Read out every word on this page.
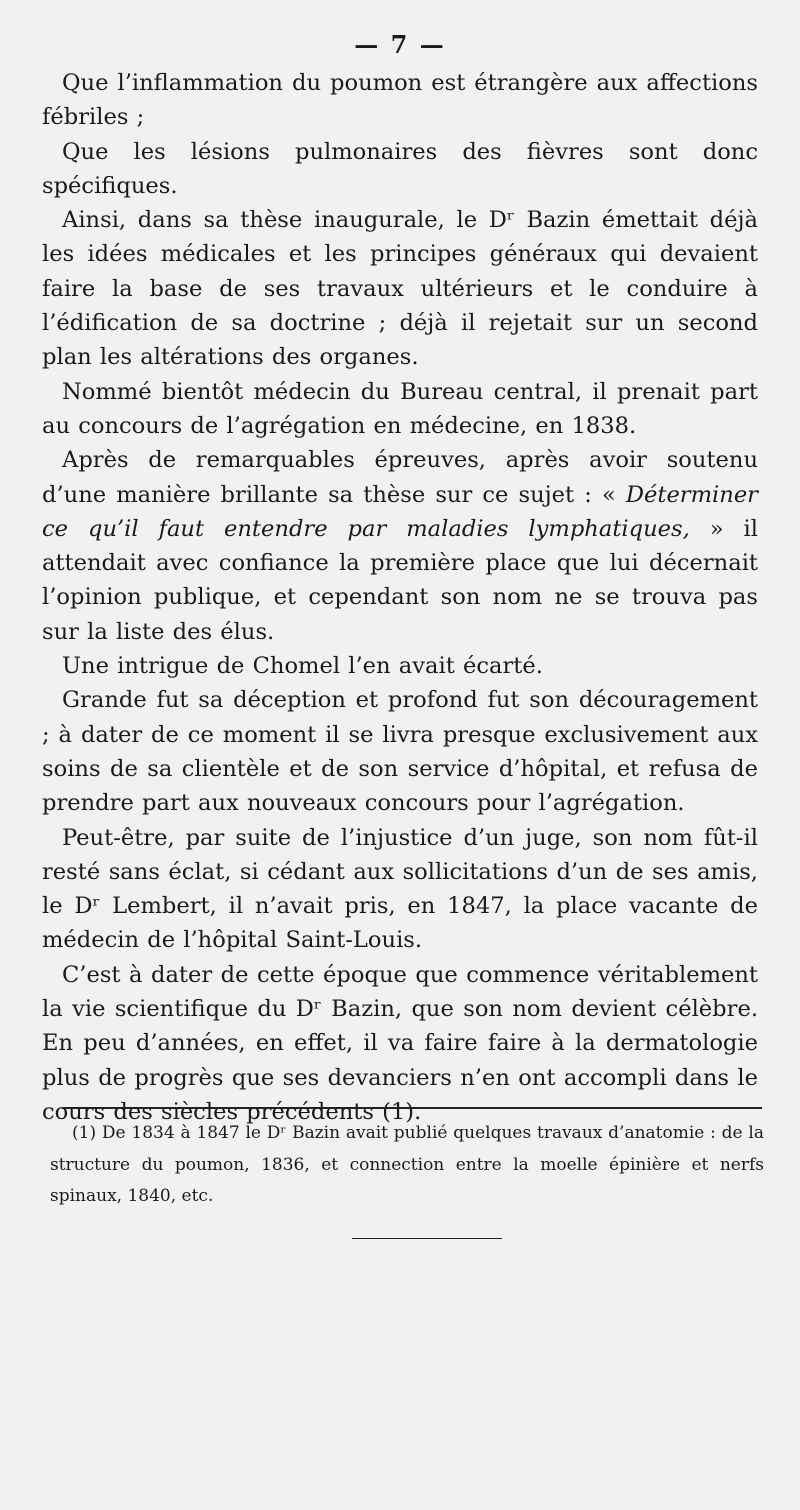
— 7 —

Que l’inflammation du poumon est étrangère aux affections fébriles ;

Que les lésions pulmonaires des fièvres sont donc spécifiques.

Ainsi, dans sa thèse inaugurale, le Dʳ Bazin émettait déjà les idées médicales et les principes généraux qui devaient faire la base de ses travaux ultérieurs et le conduire à l’édification de sa doctrine ; déjà il rejetait sur un second plan les altérations des organes.

Nommé bientôt médecin du Bureau central, il prenait part au concours de l’agrégation en médecine, en 1838.

Après de remarquables épreuves, après avoir soutenu d’une manière brillante sa thèse sur ce sujet : « Déterminer ce qu’il faut entendre par maladies lymphatiques, » il attendait avec confiance la première place que lui décernait l’opinion publique, et cependant son nom ne se trouva pas sur la liste des élus.

Une intrigue de Chomel l’en avait écarté.

Grande fut sa déception et profond fut son découragement ; à dater de ce moment il se livra presque exclusivement aux soins de sa clientèle et de son service d’hôpital, et refusa de prendre part aux nouveaux concours pour l’agrégation.

Peut-être, par suite de l’injustice d’un juge, son nom fût-il resté sans éclat, si cédant aux sollicitations d’un de ses amis, le Dʳ Lembert, il n’avait pris, en 1847, la place vacante de médecin de l’hôpital Saint-Louis.

C’est à dater de cette époque que commence véritablement la vie scientifique du Dʳ Bazin, que son nom devient célèbre. En peu d’années, en effet, il va faire faire à la dermatologie plus de progrès que ses devanciers n’en ont accompli dans le cours des siècles précédents (1).

(1) De 1834 à 1847 le Dʳ Bazin avait publié quelques travaux d’anatomie : de la structure du poumon, 1836, et connection entre la moelle épinière et nerfs spinaux, 1840, etc.
